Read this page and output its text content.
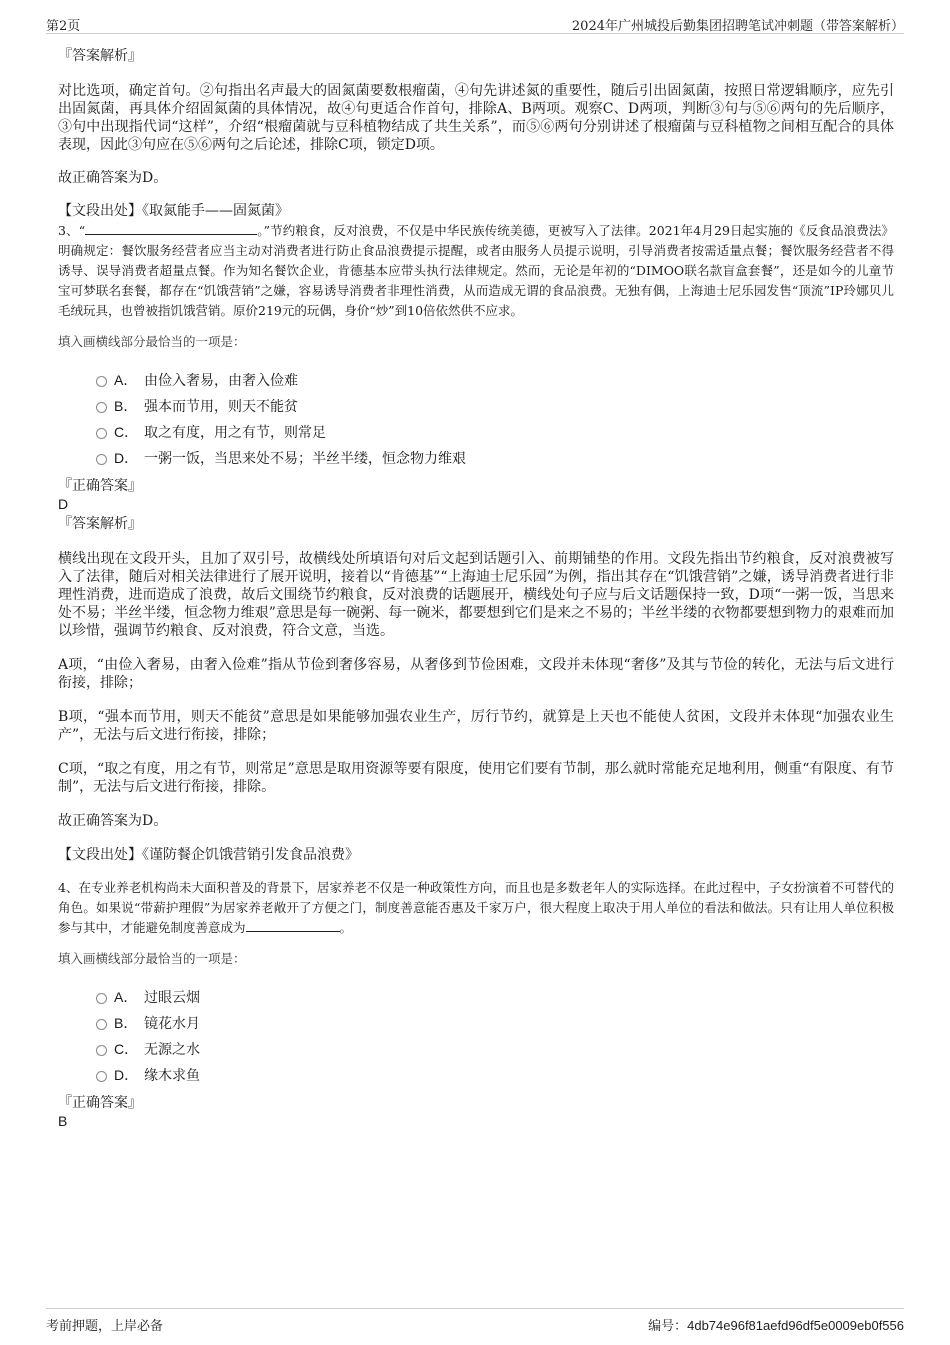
第2页	2024年广州城投后勤集团招聘笔试冲刺题（带答案解析）

『答案解析』

对比选项，确定首句。②句指出名声最大的固氮菌要数根瘤菌，④句先讲述氮的重要性，随后引出固氮菌，按照日常逻辑顺序，应先引出固氮菌，再具体介绍固氮菌的具体情况，故④句更适合作首句，排除A、B两项。观察C、D两项，判断③句与⑤⑥两句的先后顺序，③句中出现指代词“这样”，介绍“根瘤菌就与豆科植物结成了共生关系”，而⑤⑥两句分别讲述了根瘤菌与豆科植物之间相互配合的具体表现，因此③句应在⑤⑥两句之后论述，排除C项，锁定D项。

故正确答案为D。

【文段出处】《取氮能手——固氮菌》

3、“	。”节约粮食，反对浪费，不仅是中华民族传统美德，更被写入了法律。2021年4月29日起实施的《反食品浪费法》明确规定：餐饮服务经营者应当主动对消费者进行防止食品浪费提示提醒，或者由服务人员提示说明，引导消费者按需适量点餐；餐饮服务经营者不得诱导、误导消费者超量点餐。作为知名餐饮企业，肯德基本应带头执行法律规定。然而，无论是年初的“DIMOO联名款盲盒套餐”，还是如今的儿童节宝可梦联名套餐，都存在“饥饿营销”之嫌，容易诱导消费者非理性消费，从而造成无谓的食品浪费。无独有偶，上海迪士尼乐园发售“顶流”IP玲娜贝儿毛绒玩具，也曾被指饥饿营销。原价219元的玩偶，身价“炒”到10倍依然供不应求。

填入画横线部分最恰当的一项是：

A． 由俭入奢易，由奢入俭难
B． 强本而节用，则天不能贫
C． 取之有度，用之有节，则常足
D． 一粥一饭，当思来处不易；半丝半缕，恒念物力维艰

『正确答案』

D

『答案解析』

横线出现在文段开头，且加了双引号，故横线处所填语句对后文起到话题引入、前期铺垫的作用。文段先指出节约粮食，反对浪费被写入了法律，随后对相关法律进行了展开说明，接着以“肯德基”“上海迪士尼乐园”为例，指出其存在“饥饿营销”之嫌，诱导消费者进行非理性消费，进而造成了浪费，故后文围绕节约粮食，反对浪费的话题展开，横线处句子应与后文话题保持一致，D项“一粥一饭，当思来处不易；半丝半缕，恒念物力维艰”意思是每一碗粥、每一碗米，都要想到它们是来之不易的；半丝半缕的衣物都要想到物力的艰难而加以珍惜，强调节约粮食、反对浪费，符合文意，当选。

A项，“由俭入奢易，由奢入俭难”指从节俭到奢侈容易，从奢侈到节俭困难，文段并未体现“奢侈”及其与节俭的转化，无法与后文进行衔接，排除；

B项，“强本而节用，则天不能贫”意思是如果能够加强农业生产，厉行节约，就算是上天也不能使人贫困，文段并未体现“加强农业生产”，无法与后文进行衔接，排除；

C项，“取之有度，用之有节，则常足”意思是取用资源等要有限度，使用它们要有节制，那么就时常能充足地利用，侧重“有限度、有节制”，无法与后文进行衔接，排除。

故正确答案为D。

【文段出处】《谨防餐企饥饿营销引发食品浪费》

4、在专业养老机构尚未大面积普及的背景下，居家养老不仅是一种政策性方向，而且也是多数老年人的实际选择。在此过程中，子女扮演着不可替代的角色。如果说“带薪护理假”为居家养老敞开了方便之门，制度善意能否惠及千家万户，很大程度上取决于用人单位的看法和做法。只有让用人单位积极参与其中，才能避免制度善意成为	。

填入画横线部分最恰当的一项是：

A． 过眼云烟
B． 镜花水月
C． 无源之水
D． 缘木求鱼

『正确答案』

B

考前押题，上岸必备	编号：4db74e96f81aefd96df5e0009eb0f556
